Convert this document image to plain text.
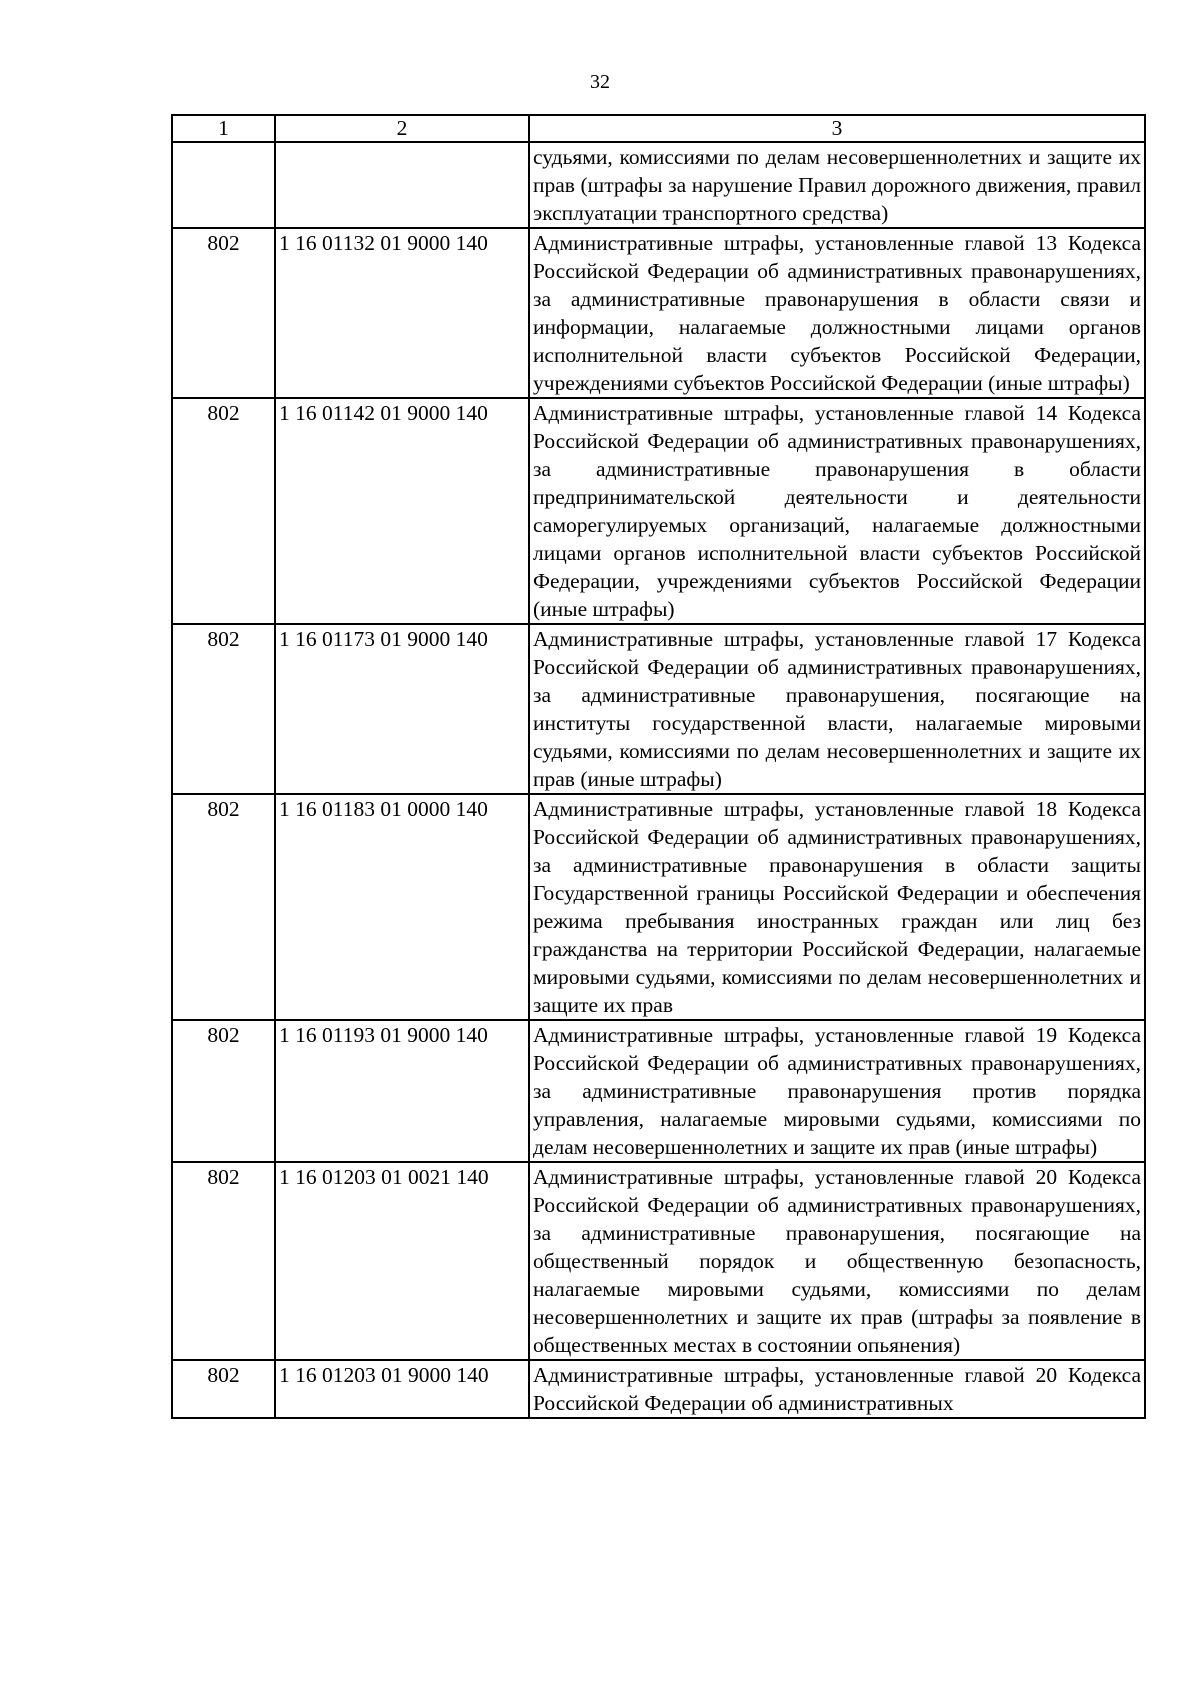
32
1	2	3
		судьями, комиссиями по делам несовершеннолетних и защите их прав (штрафы за нарушение Правил дорожного движения, правил эксплуатации транспортного средства)
802	1 16 01132 01 9000 140	Административные штрафы, установленные главой 13 Кодекса Российской Федерации об административных правонарушениях, за административные правонарушения в области связи и информации, налагаемые должностными лицами органов исполнительной власти субъектов Российской Федерации, учреждениями субъектов Российской Федерации (иные штрафы)
802	1 16 01142 01 9000 140	Административные штрафы, установленные главой 14 Кодекса Российской Федерации об административных правонарушениях, за административные правонарушения в области предпринимательской деятельности и деятельности саморегулируемых организаций, налагаемые должностными лицами органов исполнительной власти субъектов Российской Федерации, учреждениями субъектов Российской Федерации (иные штрафы)
802	1 16 01173 01 9000 140	Административные штрафы, установленные главой 17 Кодекса Российской Федерации об административных правонарушениях, за административные правонарушения, посягающие на институты государственной власти, налагаемые мировыми судьями, комиссиями по делам несовершеннолетних и защите их прав (иные штрафы)
802	1 16 01183 01 0000 140	Административные штрафы, установленные главой 18 Кодекса Российской Федерации об административных правонарушениях, за административные правонарушения в области защиты Государственной границы Российской Федерации и обеспечения режима пребывания иностранных граждан или лиц без гражданства на территории Российской Федерации, налагаемые мировыми судьями, комиссиями по делам несовершеннолетних и защите их прав
802	1 16 01193 01 9000 140	Административные штрафы, установленные главой 19 Кодекса Российской Федерации об административных правонарушениях, за административные правонарушения против порядка управления, налагаемые мировыми судьями, комиссиями по делам несовершеннолетних и защите их прав (иные штрафы)
802	1 16 01203 01 0021 140	Административные штрафы, установленные главой 20 Кодекса Российской Федерации об административных правонарушениях, за административные правонарушения, посягающие на общественный порядок и общественную безопасность, налагаемые мировыми судьями, комиссиями по делам несовершеннолетних и защите их прав (штрафы за появление в общественных местах в состоянии опьянения)
802	1 16 01203 01 9000 140	Административные штрафы, установленные главой 20 Кодекса Российской Федерации об административных
